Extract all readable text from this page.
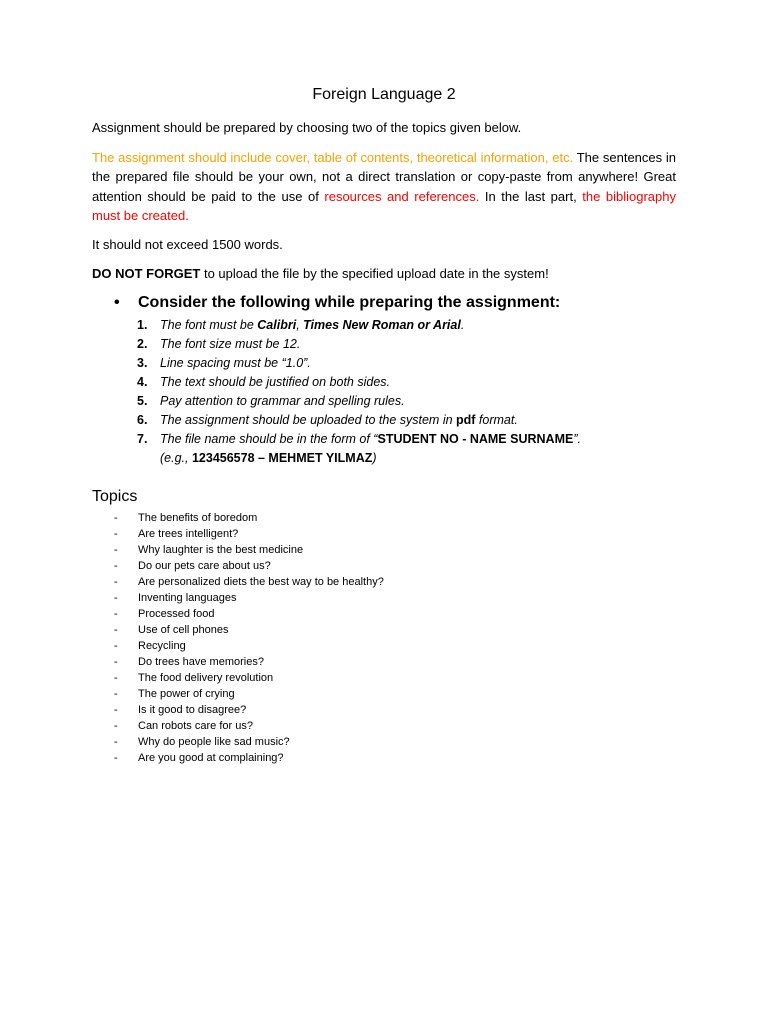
Foreign Language 2

Assignment should be prepared by choosing two of the topics given below.

The assignment should include cover, table of contents, theoretical information, etc. The sentences in the prepared file should be your own, not a direct translation or copy-paste from anywhere! Great attention should be paid to the use of resources and references. In the last part, the bibliography must be created.

It should not exceed 1500 words.

DO NOT FORGET to upload the file by the specified upload date in the system!

• Consider the following while preparing the assignment:
1. The font must be Calibri, Times New Roman or Arial.
2. The font size must be 12.
3. Line spacing must be “1.0”.
4. The text should be justified on both sides.
5. Pay attention to grammar and spelling rules.
6. The assignment should be uploaded to the system in pdf format.
7. The file name should be in the form of “STUDENT NO - NAME SURNAME”.
(e.g., 123456578 – MEHMET YILMAZ)
Topics
- The benefits of boredom
- Are trees intelligent?
- Why laughter is the best medicine
- Do our pets care about us?
- Are personalized diets the best way to be healthy?
- Inventing languages
- Processed food
- Use of cell phones
- Recycling
- Do trees have memories?
- The food delivery revolution
- The power of crying
- Is it good to disagree?
- Can robots care for us?
- Why do people like sad music?
- Are you good at complaining?
